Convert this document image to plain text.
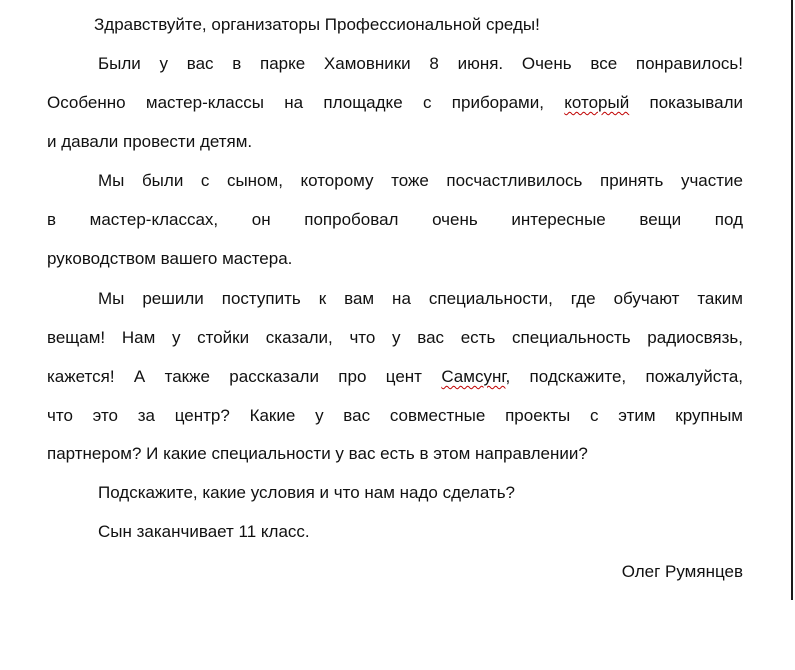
Здравствуйте, организаторы Профессиональной среды!
Были у вас в парке Хамовники 8 июня. Очень все понравилось!
Особенно мастер-классы на площадке с приборами, который показывали
и давали провести детям.
Мы были с сыном, которому тоже посчастливилось принять участие
в мастер-классах, он попробовал очень интересные вещи под
руководством вашего мастера.
Мы решили поступить к вам на специальности, где обучают таким
вещам! Нам у стойки сказали, что у вас есть специальность радиосвязь,
кажется! А также рассказали про цент Самсунг, подскажите, пожалуйста,
что это за центр? Какие у вас совместные проекты с этим крупным
партнером? И какие специальности у вас есть в этом направлении?
Подскажите, какие условия и что нам надо сделать?
Сын заканчивает 11 класс.
Олег Румянцев
